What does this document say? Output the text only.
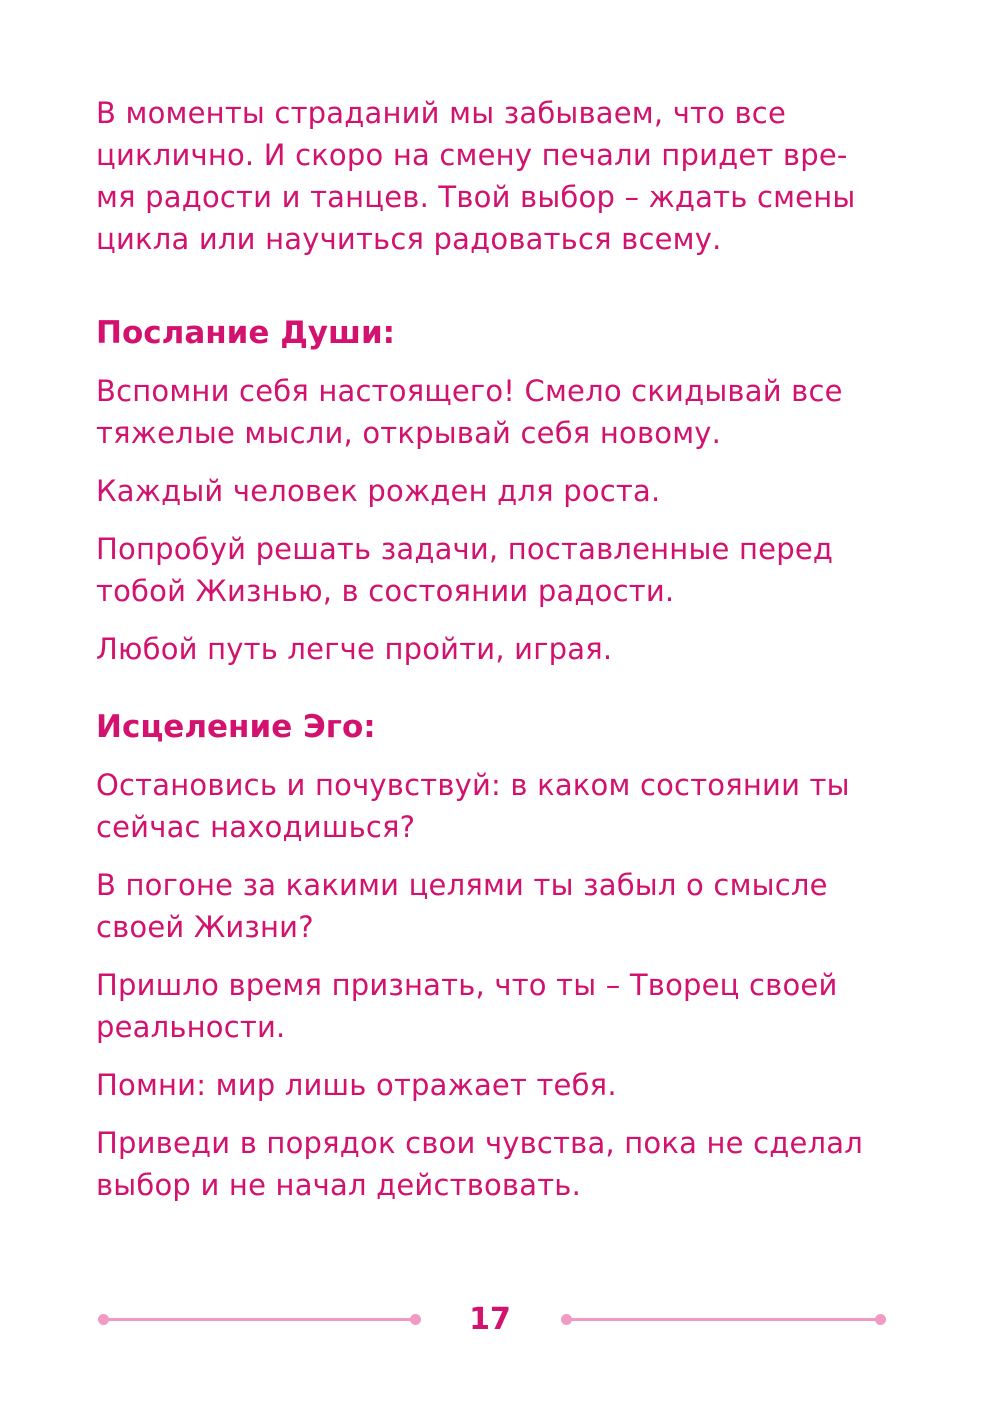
В моменты страданий мы забываем, что все
циклично. И скоро на смену печали придет вре-
мя радости и танцев. Твой выбор – ждать смены
цикла или научиться радоваться всему.

Послание Души:

Вспомни себя настоящего! Смело скидывай все
тяжелые мысли, открывай себя новому.

Каждый человек рожден для роста.

Попробуй решать задачи, поставленные перед
тобой Жизнью, в состоянии радости.

Любой путь легче пройти, играя.

Исцеление Эго:

Остановись и почувствуй: в каком состоянии ты
сейчас находишься?

В погоне за какими целями ты забыл о смысле
своей Жизни?

Пришло время признать, что ты – Творец своей
реальности.

Помни: мир лишь отражает тебя.

Приведи в порядок свои чувства, пока не сделал
выбор и не начал действовать.

17
